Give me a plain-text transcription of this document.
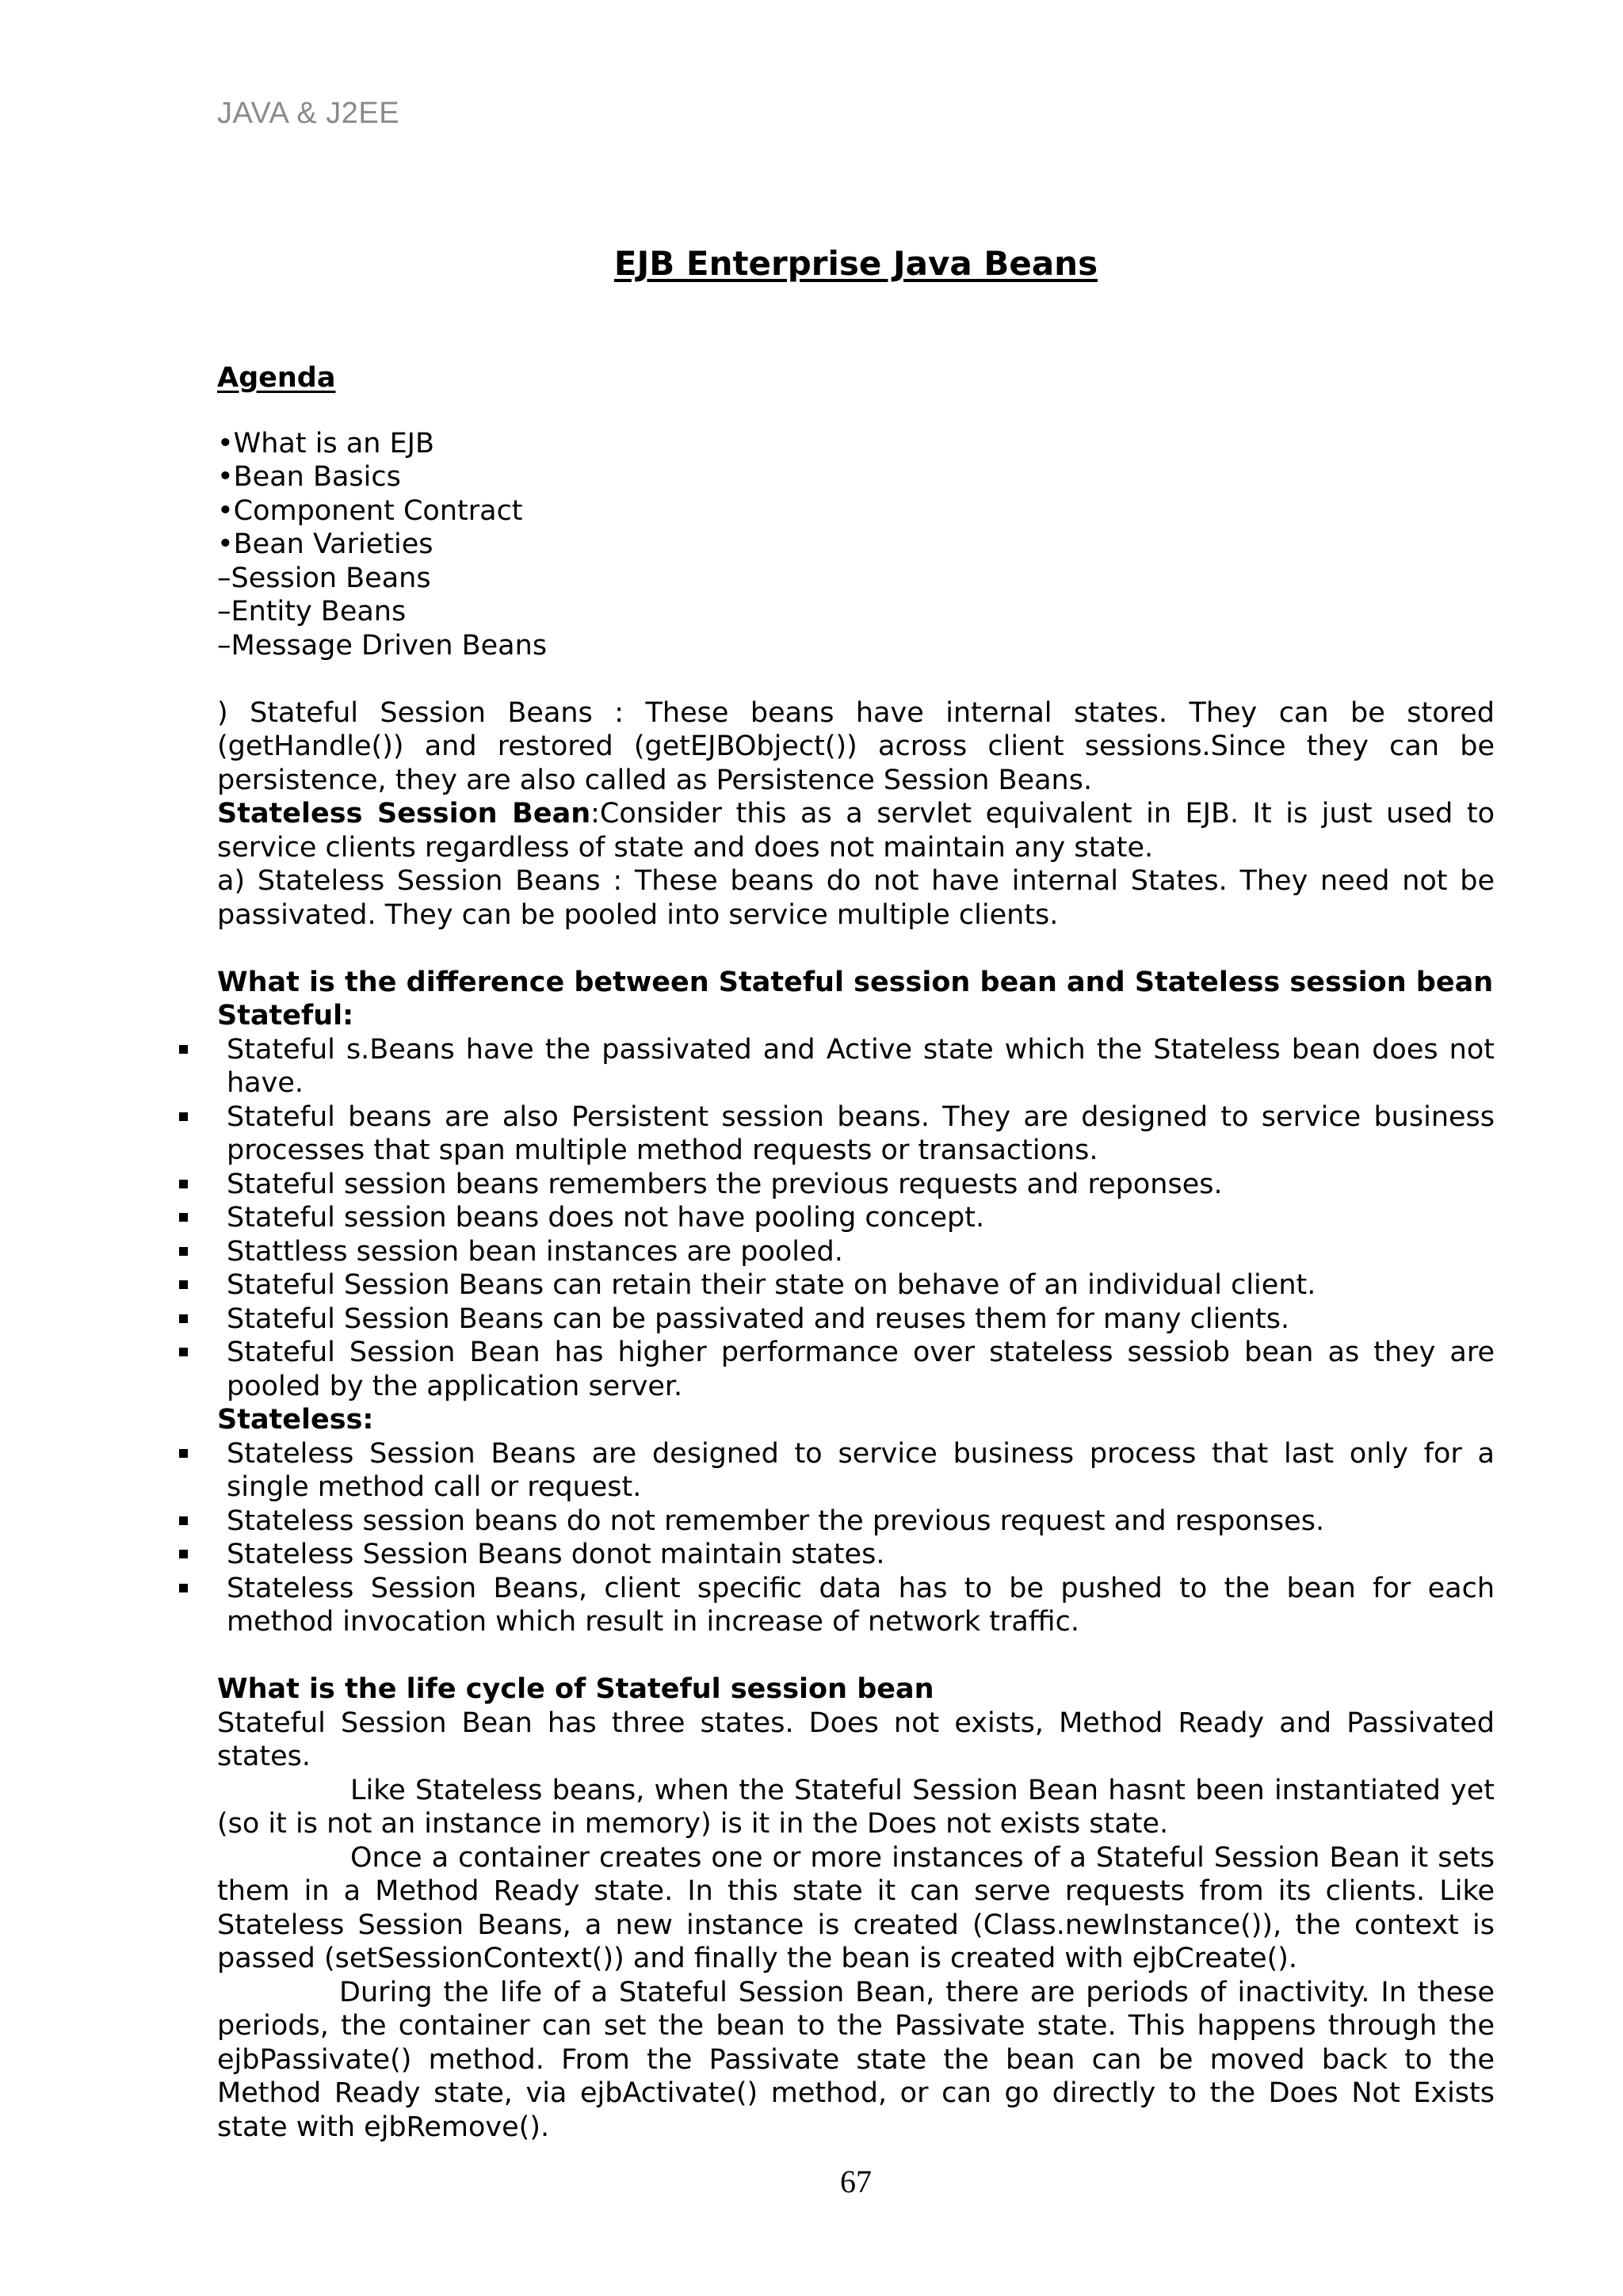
JAVA & J2EE
EJB Enterprise Java Beans

Agenda

•What is an EJB
•Bean Basics
•Component Contract
•Bean Varieties
–Session Beans
–Entity Beans
–Message Driven Beans

) Stateful Session Beans : These beans have internal states. They can be stored (getHandle()) and restored (getEJBObject()) across client sessions.Since they can be persistence, they are also called as Persistence Session Beans.

Stateless Session Bean:Consider this as a servlet equivalent in EJB. It is just used to service clients regardless of state and does not maintain any state.

a) Stateless Session Beans : These beans do not have internal States. They need not be passivated. They can be pooled into service multiple clients.

What is the difference between Stateful session bean and Stateless session bean

Stateful:

Stateful s.Beans have the passivated and Active state which the Stateless bean does not have.
Stateful beans are also Persistent session beans. They are designed to service business processes that span multiple method requests or transactions.
Stateful session beans remembers the previous requests and reponses.
Stateful session beans does not have pooling concept.
Stattless session bean instances are pooled.
Stateful Session Beans can retain their state on behave of an individual client.
Stateful Session Beans can be passivated and reuses them for many clients.
Stateful Session Bean has higher performance over stateless sessiob bean as they are pooled by the application server.

Stateless:

Stateless Session Beans are designed to service business process that last only for a single method call or request.
Stateless session beans do not remember the previous request and responses.
Stateless Session Beans donot maintain states.
Stateless Session Beans, client specific data has to be pushed to the bean for each method invocation which result in increase of network traffic.

What is the life cycle of Stateful session bean

Stateful Session Bean has three states. Does not exists, Method Ready and Passivated states.

Like Stateless beans, when the Stateful Session Bean hasnt been instantiated yet (so it is not an instance in memory) is it in the Does not exists state.

Once a container creates one or more instances of a Stateful Session Bean it sets them in a Method Ready state. In this state it can serve requests from its clients. Like Stateless Session Beans, a new instance is created (Class.newInstance()), the context is passed (setSessionContext()) and finally the bean is created with ejbCreate().

During the life of a Stateful Session Bean, there are periods of inactivity. In these periods, the container can set the bean to the Passivate state. This happens through the ejbPassivate() method. From the Passivate state the bean can be moved back to the Method Ready state, via ejbActivate() method, or can go directly to the Does Not Exists state with ejbRemove().

67
